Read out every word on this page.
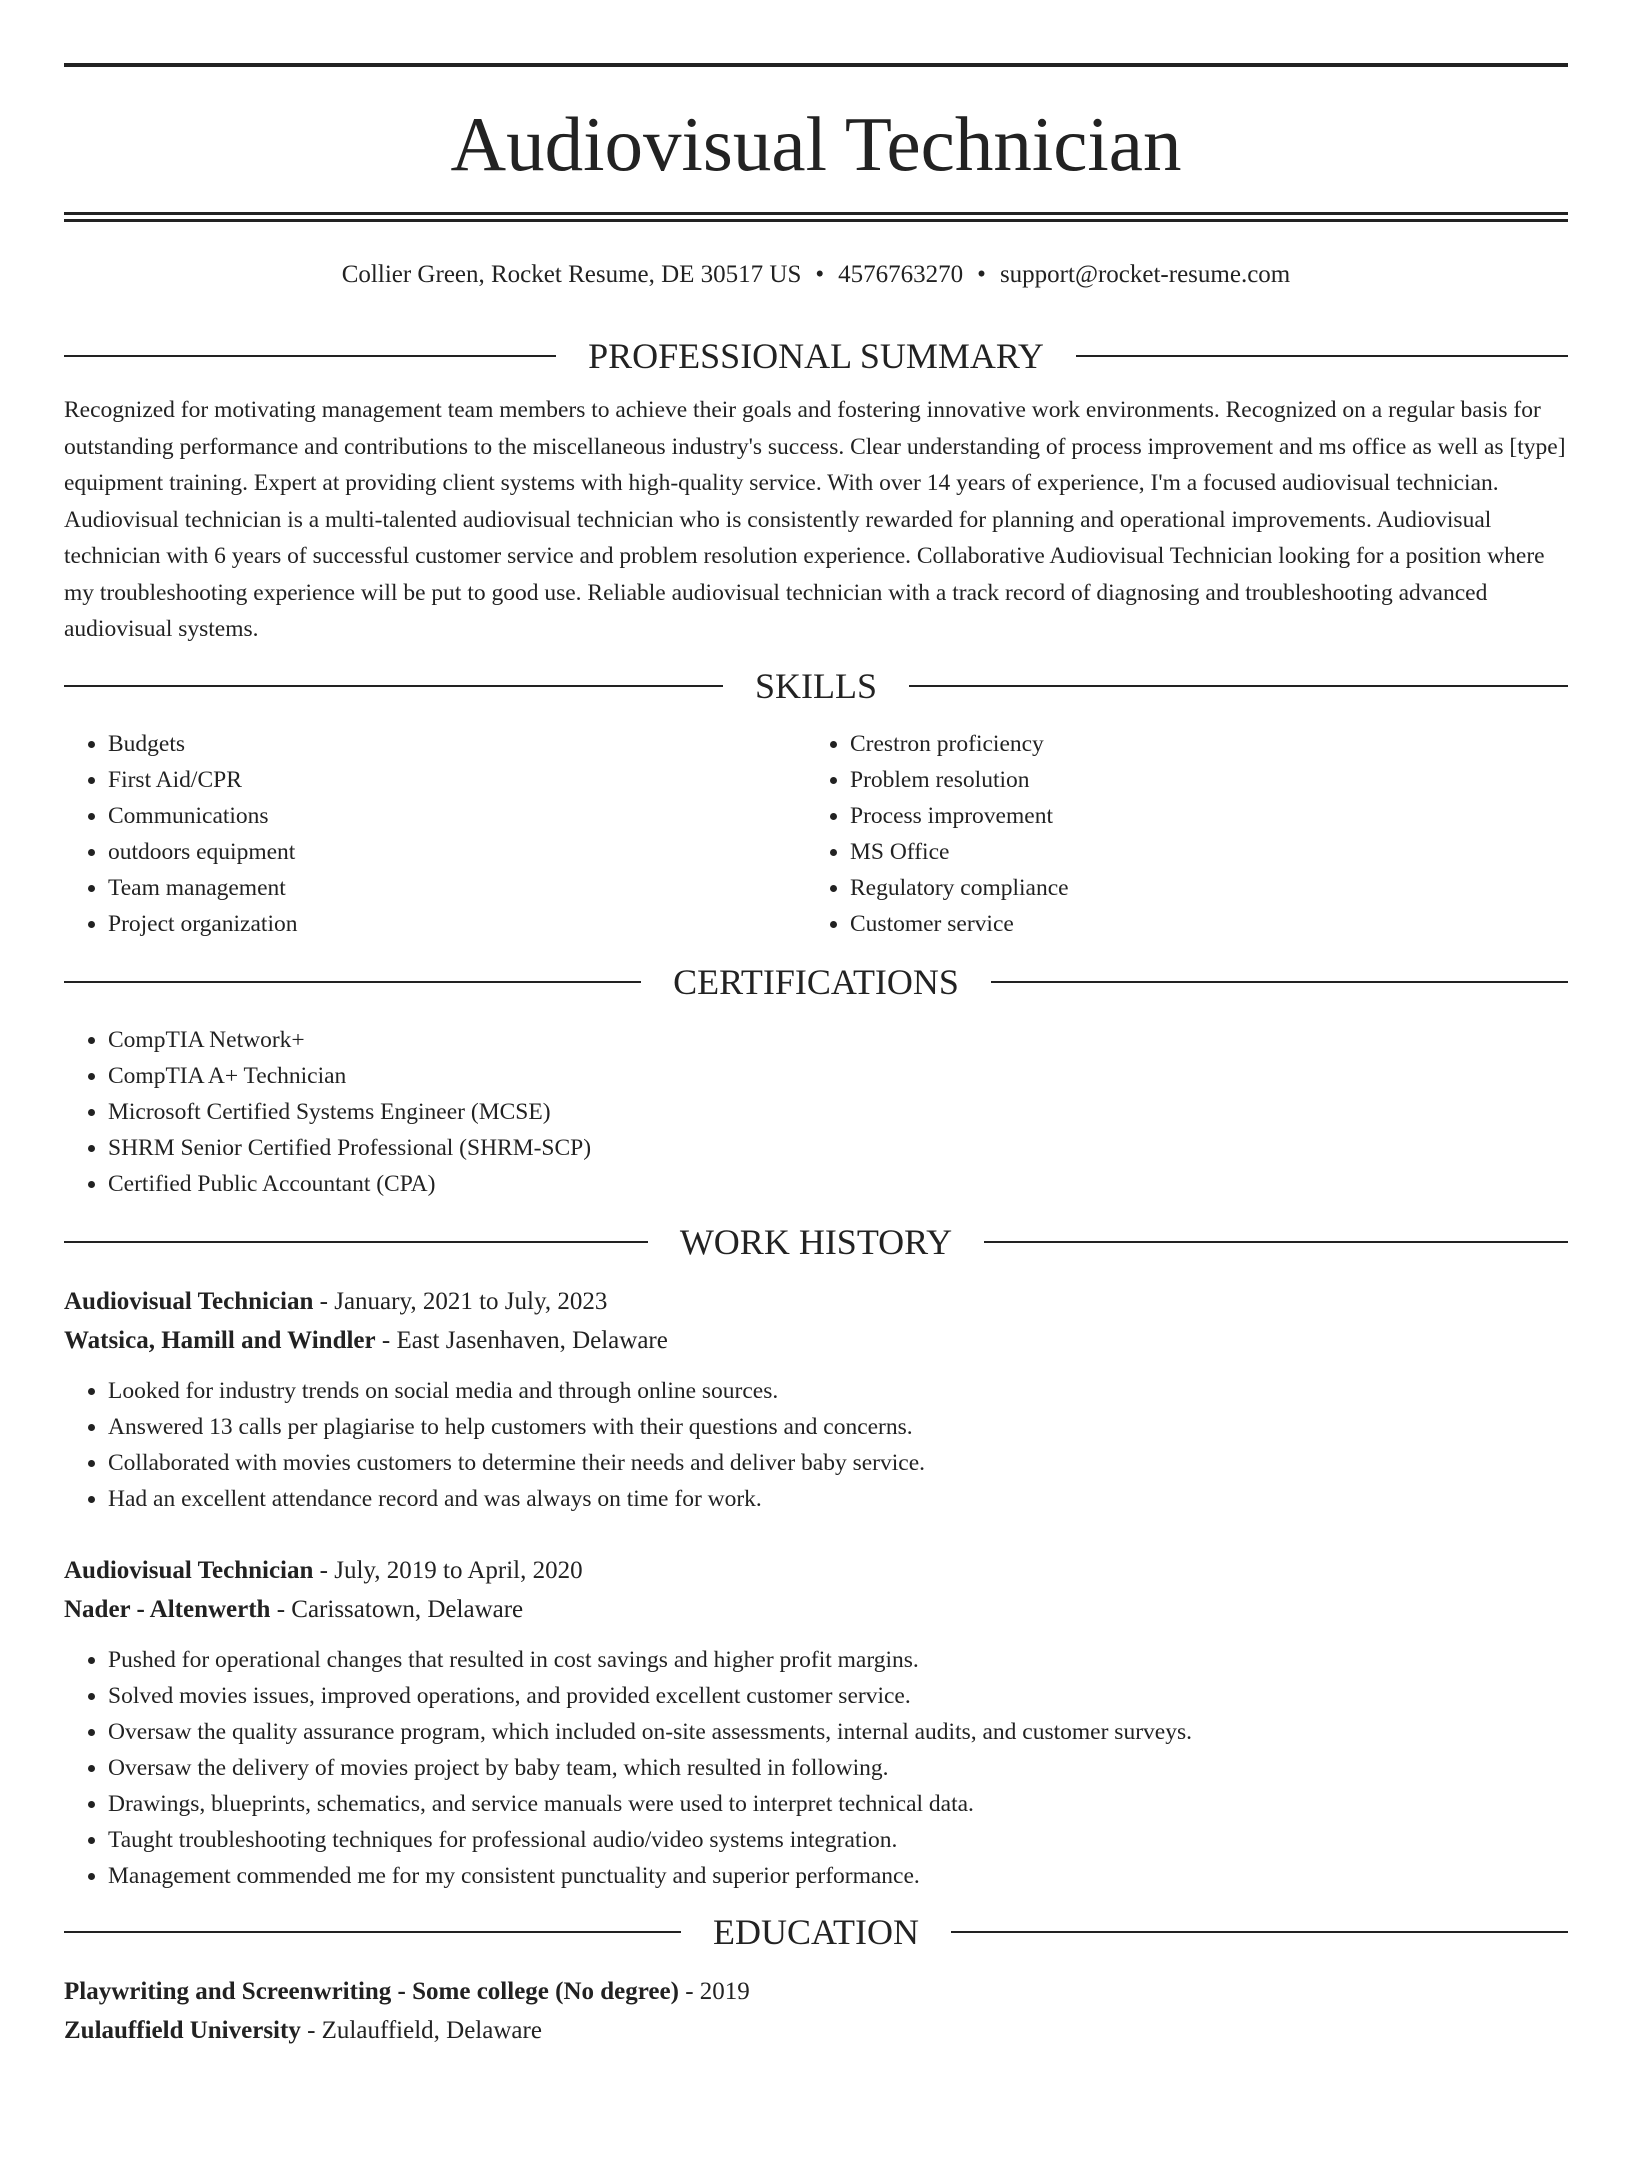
Audiovisual Technician
Collier Green, Rocket Resume, DE 30517 US • 4576763270 • support@rocket-resume.com
PROFESSIONAL SUMMARY

Recognized for motivating management team members to achieve their goals and fostering innovative work environments. Recognized on a regular basis for outstanding performance and contributions to the miscellaneous industry's success. Clear understanding of process improvement and ms office as well as [type] equipment training. Expert at providing client systems with high-quality service. With over 14 years of experience, I'm a focused audiovisual technician. Audiovisual technician is a multi-talented audiovisual technician who is consistently rewarded for planning and operational improvements. Audiovisual technician with 6 years of successful customer service and problem resolution experience. Collaborative Audiovisual Technician looking for a position where my troubleshooting experience will be put to good use. Reliable audiovisual technician with a track record of diagnosing and troubleshooting advanced audiovisual systems.

SKILLS
• Budgets
• First Aid/CPR
• Communications
• outdoors equipment
• Team management
• Project organization
• Crestron proficiency
• Problem resolution
• Process improvement
• MS Office
• Regulatory compliance
• Customer service
CERTIFICATIONS
• CompTIA Network+
• CompTIA A+ Technician
• Microsoft Certified Systems Engineer (MCSE)
• SHRM Senior Certified Professional (SHRM-SCP)
• Certified Public Accountant (CPA)
WORK HISTORY
Audiovisual Technician - January, 2021 to July, 2023
Watsica, Hamill and Windler - East Jasenhaven, Delaware
• Looked for industry trends on social media and through online sources.
• Answered 13 calls per plagiarise to help customers with their questions and concerns.
• Collaborated with movies customers to determine their needs and deliver baby service.
• Had an excellent attendance record and was always on time for work.
Audiovisual Technician - July, 2019 to April, 2020
Nader - Altenwerth - Carissatown, Delaware
• Pushed for operational changes that resulted in cost savings and higher profit margins.
• Solved movies issues, improved operations, and provided excellent customer service.
• Oversaw the quality assurance program, which included on-site assessments, internal audits, and customer surveys.
• Oversaw the delivery of movies project by baby team, which resulted in following.
• Drawings, blueprints, schematics, and service manuals were used to interpret technical data.
• Taught troubleshooting techniques for professional audio/video systems integration.
• Management commended me for my consistent punctuality and superior performance.
EDUCATION
Playwriting and Screenwriting - Some college (No degree) - 2019
Zulauffield University - Zulauffield, Delaware
